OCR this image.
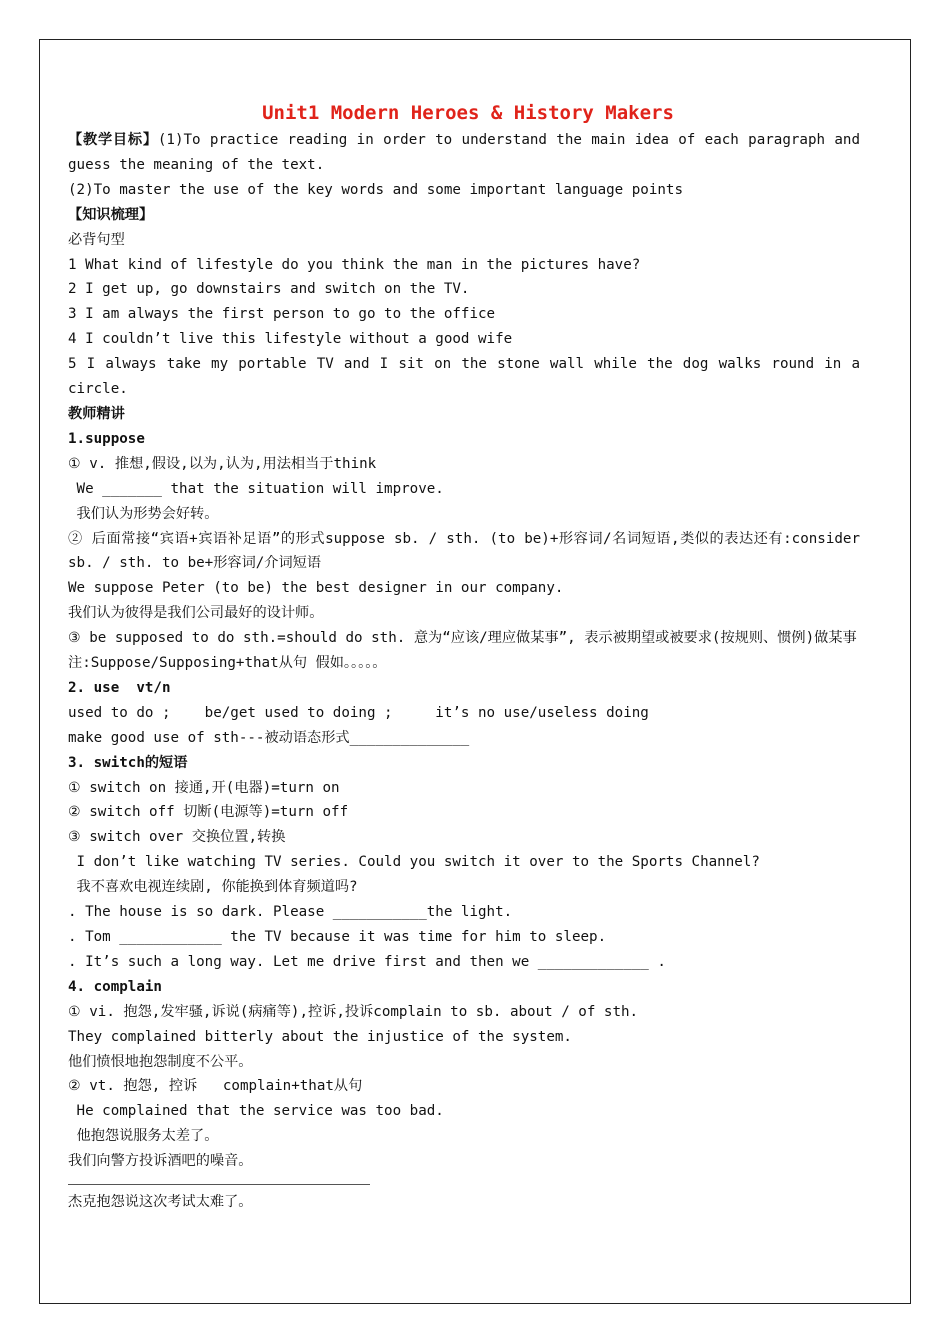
Unit1 Modern Heroes & History Makers
【教学目标】(1)To practice reading in order to understand the main idea of each paragraph and guess the meaning of the text.
(2)To master the use of the key words and some important language points
【知识梳理】
必背句型
1 What kind of lifestyle do you think the man in the pictures have?
2 I get up, go downstairs and switch on the TV.
3 I am always the first person to go to the office
4 I couldn’t live this lifestyle without a good wife
5 I always take my portable TV and I sit on the stone wall while the dog walks round in a circle.
教师精讲
1.suppose
① v. 推想,假设,以为,认为,用法相当于think
We _______ that the situation will improve.
我们认为形势会好转。
② 后面常接“宾语+宾语补足语”的形式suppose sb. / sth. (to be)+形容词/名词短语,类似的表达还有:consider sb. / sth. to be+形容词/介词短语
We suppose Peter (to be) the best designer in our company.
我们认为彼得是我们公司最好的设计师。
③ be supposed to do sth.=should do sth. 意为“应该/理应做某事”, 表示被期望或被要求(按规则、惯例)做某事
注:Suppose/Supposing+that从句 假如。。。。。
2. use  vt/n
used to do ;    be/get used to doing ;     it’s no use/useless doing
make good use of sth---被动语态形式______________
3. switch的短语
① switch on 接通,开(电器)=turn on
② switch off 切断(电源等)=turn off
③ switch over 交换位置,转换
I don’t like watching TV series. Could you switch it over to the Sports Channel?
我不喜欢电视连续剧, 你能换到体育频道吗?
. The house is so dark. Please ___________the light.
. Tom ____________ the TV because it was time for him to sleep.
. It’s such a long way. Let me drive first and then we _____________ .
4. complain
① vi. 抱怨,发牢骚,诉说(病痛等),控诉,投诉complain to sb. about / of sth.
They complained bitterly about the injustice of the system.
他们愤恨地抱怨制度不公平。
② vt. 抱怨, 控诉   complain+that从句
He complained that the service was too bad.
他抱怨说服务太差了。
我们向警方投诉酒吧的噪音。
杰克抱怨说这次考试太难了。
